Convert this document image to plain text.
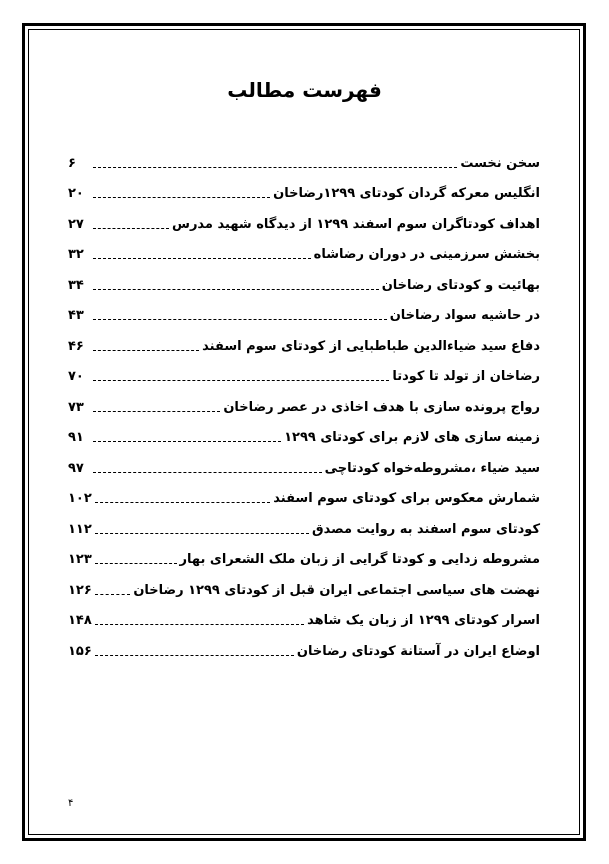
فهرست مطالب
سخن نخست
۶
انگلیس معرکه گردان کودتای ۱۲۹۹رضاخان
۲۰
اهداف کودتاگران سوم اسفند ۱۲۹۹ از دیدگاه شهید مدرس
۲۷
بخشش سرزمینی در دوران رضاشاه
۳۲
بهائیت و کودتای رضاخان
۳۴
در حاشیه سواد رضاخان
۴۳
دفاع سید ضیاءالدین طباطبایی از کودتای سوم اسفند
۴۶
رضاخان از تولد تا کودتا
۷۰
رواج پرونده سازی با هدف اخاذی در عصر رضاخان
۷۳
زمینه سازی های لازم برای کودتای ۱۲۹۹
۹۱
سید ضیاء ،مشروطه‌خواه کودتاچی
۹۷
شمارش معکوس برای کودتای سوم اسفند
۱۰۲
کودتای سوم اسفند به روایت مصدق
۱۱۲
مشروطه زدایی و کودتا گرایی از زبان ملک الشعرای بهار
۱۲۳
نهضت های سیاسی اجتماعی ایران قبل از کودتای ۱۲۹۹ رضاخان
۱۲۶
اسرار کودتای ۱۲۹۹ از زبان یک شاهد
۱۴۸
اوضاع ایران در آستانة کودتای رضاخان
۱۵۶
۴
